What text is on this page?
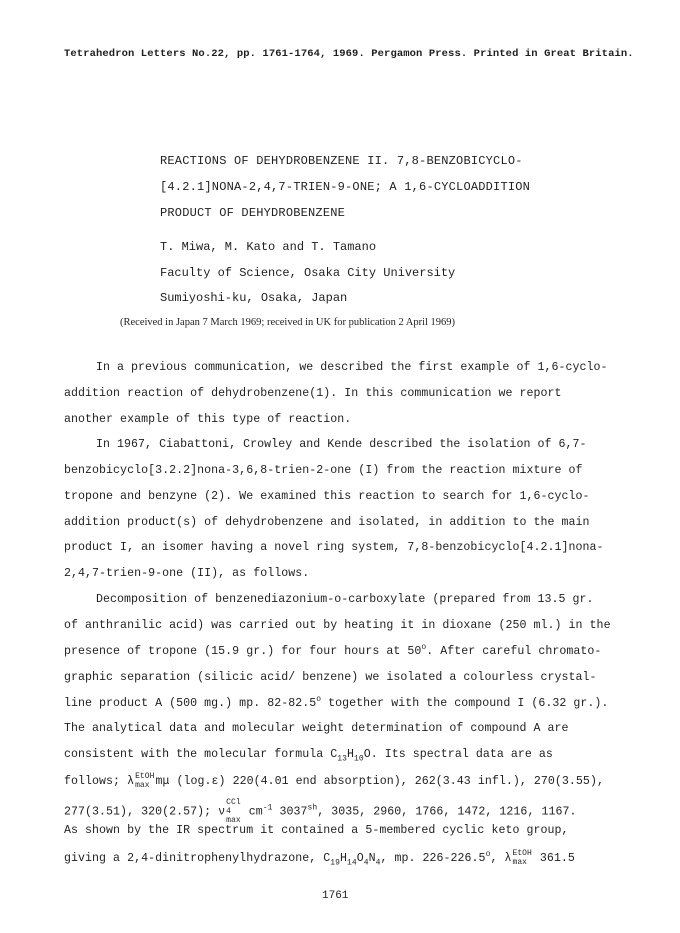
Tetrahedron Letters No.22, pp. 1761-1764, 1969. Pergamon Press. Printed in Great Britain.
REACTIONS OF DEHYDROBENZENE II. 7,8-BENZOBICYCLO-
[4.2.1]NONA-2,4,7-TRIEN-9-ONE; A 1,6-CYCLOADDITION
PRODUCT OF DEHYDROBENZENE
T. Miwa, M. Kato and T. Tamano
Faculty of Science, Osaka City University
Sumiyoshi-ku, Osaka, Japan
(Received in Japan 7 March 1969; received in UK for publication 2 April 1969)
In a previous communication, we described the first example of 1,6-cyclo-
addition reaction of dehydrobenzene(1). In this communication we report
another example of this type of reaction.
In 1967, Ciabattoni, Crowley and Kende described the isolation of 6,7-
benzobicyclo[3.2.2]nona-3,6,8-trien-2-one (I) from the reaction mixture of
tropone and benzyne (2). We examined this reaction to search for 1,6-cyclo-
addition product(s) of dehydrobenzene and isolated, in addition to the main
product I, an isomer having a novel ring system, 7,8-benzobicyclo[4.2.1]nona-
2,4,7-trien-9-one (II), as follows.
Decomposition of benzenediazonium-o-carboxylate (prepared from 13.5 gr.
of anthranilic acid) was carried out by heating it in dioxane (250 ml.) in the
presence of tropone (15.9 gr.) for four hours at 50$^o$. After careful chromato-
graphic separation (silicic acid/ benzene) we isolated a colourless crystal-
line product A (500 mg.) mp. 82-82.5$^o$ together with the compound I (6.32 gr.).
The analytical data and molecular weight determination of compound A are
consistent with the molecular formula $C_{13}H_{10}O$. Its spectral data are as
follows; λ EtOH
max mμ (log.ε) 220(4.01 end absorption), 262(3.43 infl.), 270(3.55),
277(3.51), 320(2.57); ν
CCl
4
max
$cm^{-1}$ $3037^{sh}$, 3035, 2960, 1766, 1472, 1216, 1167.
As shown by the IR spectrum it contained a 5-membered cyclic keto group,
giving a 2,4-dinitrophenylhydrazone, $C_{19}H_{14}O_4N_4$, mp. 226-226.5$^o$, λ EtOH
max 361.5
1761
